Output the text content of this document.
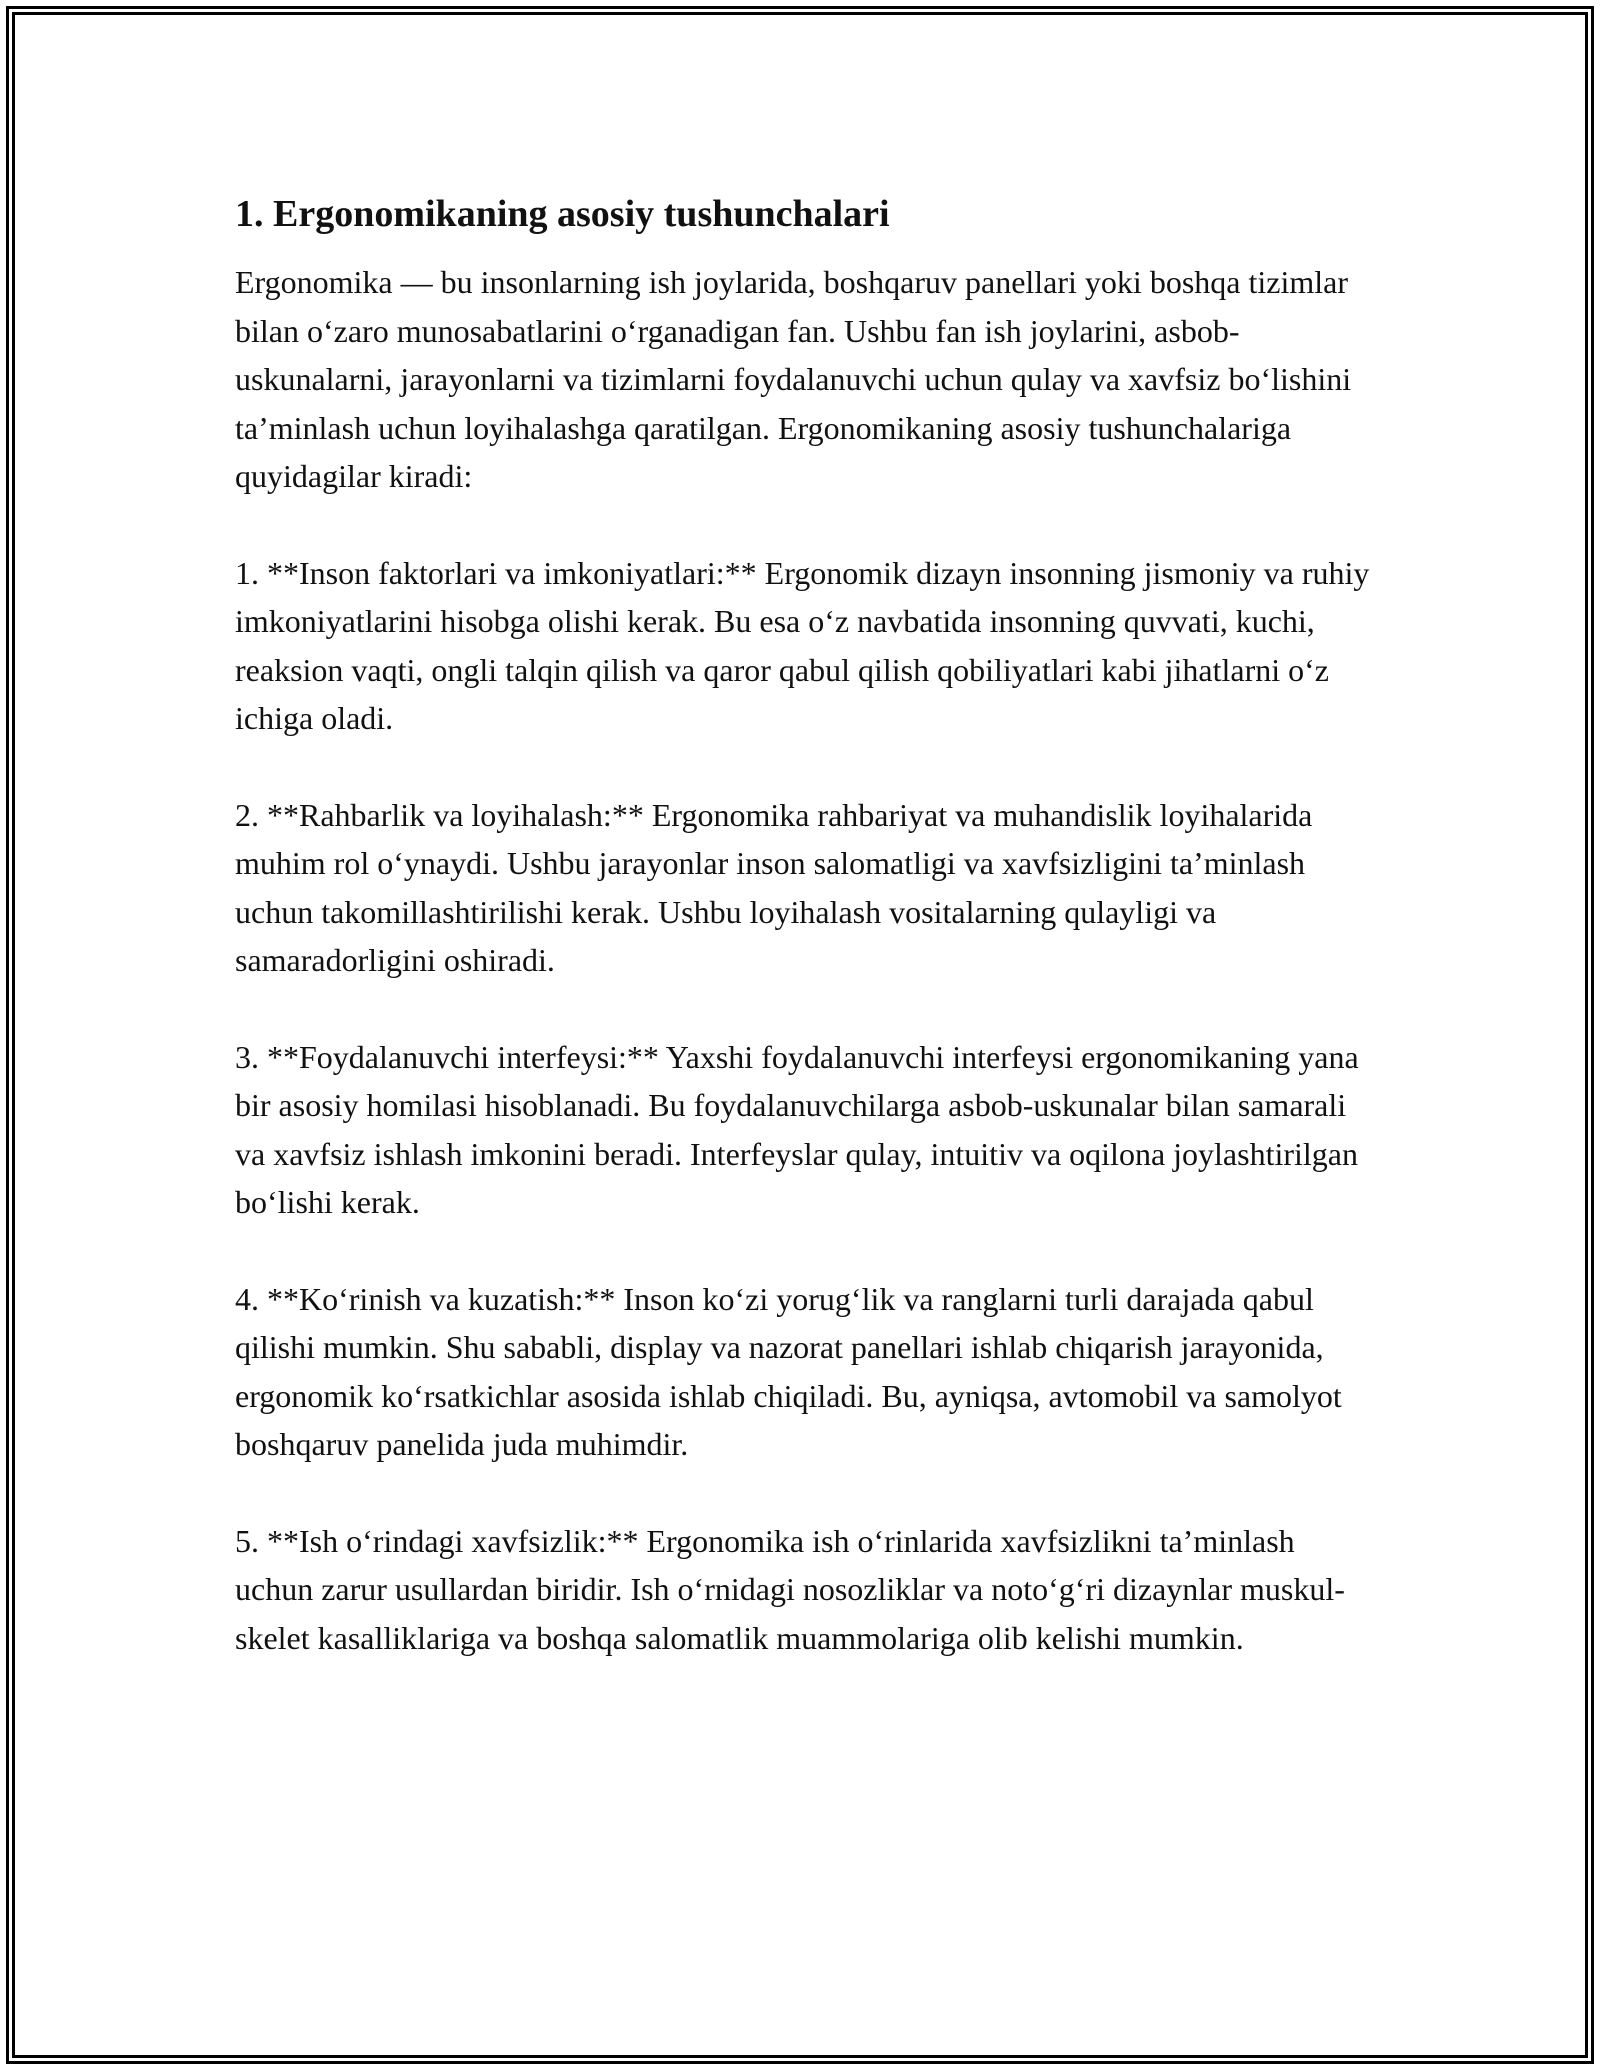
1. Ergonomikaning asosiy tushunchalari

Ergonomika — bu insonlarning ish joylarida, boshqaruv panellari yoki boshqa tizimlar bilan oʻzaro munosabatlarini oʻrganadigan fan. Ushbu fan ish joylarini, asbob-uskunalarni, jarayonlarni va tizimlarni foydalanuvchi uchun qulay va xavfsiz boʻlishini taʼminlash uchun loyihalashga qaratilgan. Ergonomikaning asosiy tushunchalariga quyidagilar kiradi:

1. **Inson faktorlari va imkoniyatlari:** Ergonomik dizayn insonning jismoniy va ruhiy imkoniyatlarini hisobga olishi kerak. Bu esa oʻz navbatida insonning quvvati, kuchi, reaksion vaqti, ongli talqin qilish va qaror qabul qilish qobiliyatlari kabi jihatlarni oʻz ichiga oladi.

2. **Rahbarlik va loyihalash:** Ergonomika rahbariyat va muhandislik loyihalarida muhim rol oʻynaydi. Ushbu jarayonlar inson salomatligi va xavfsizligini taʼminlash uchun takomillashtirilishi kerak. Ushbu loyihalash vositalarning qulayligi va samaradorligini oshiradi.

3. **Foydalanuvchi interfeysi:** Yaxshi foydalanuvchi interfeysi ergonomikaning yana bir asosiy homilasi hisoblanadi. Bu foydalanuvchilarga asbob-uskunalar bilan samarali va xavfsiz ishlash imkonini beradi. Interfeyslar qulay, intuitiv va oqilona joylashtirilgan boʻlishi kerak.

4. **Koʻrinish va kuzatish:** Inson koʻzi yorugʻlik va ranglarni turli darajada qabul qilishi mumkin. Shu sababli, display va nazorat panellari ishlab chiqarish jarayonida, ergonomik koʻrsatkichlar asosida ishlab chiqiladi. Bu, ayniqsa, avtomobil va samolyot boshqaruv panelida juda muhimdir.

5. **Ish oʻrindagi xavfsizlik:** Ergonomika ish oʻrinlarida xavfsizlikni taʼminlash uchun zarur usullardan biridir. Ish oʻrnidagi nosozliklar va notoʻgʻri dizaynlar muskul-skelet kasalliklariga va boshqa salomatlik muammolariga olib kelishi mumkin.
